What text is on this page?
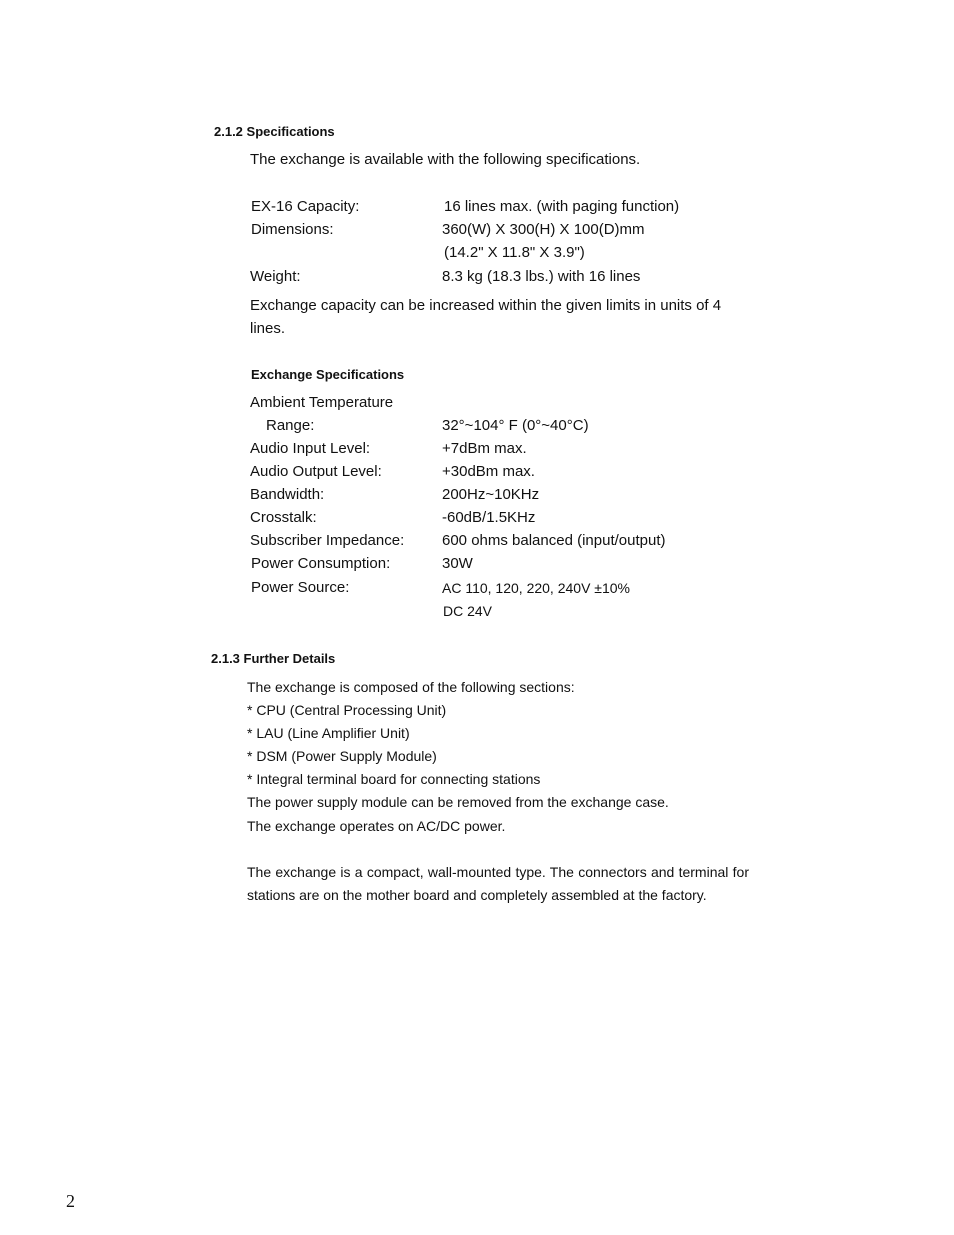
2.1.2 Specifications
The exchange is available with the following specifications.
EX-16 Capacity:	16 lines max. (with paging function)
Dimensions:	360(W) X 300(H) X 100(D)mm
(14.2" X 11.8" X 3.9")
Weight:	8.3 kg (18.3 lbs.) with 16 lines
Exchange capacity can be increased within the given limits in units of 4 lines.
Exchange Specifications
Ambient Temperature
Range:	32°~104° F (0°~40°C)
Audio Input Level:	+7dBm max.
Audio Output Level:	+30dBm max.
Bandwidth:	200Hz~10KHz
Crosstalk:	-60dB/1.5KHz
Subscriber Impedance:	600 ohms balanced (input/output)
Power Consumption:	30W
Power Source:	AC 110, 120, 220, 240V ±10%
DC 24V
2.1.3 Further Details
The exchange is composed of the following sections:
* CPU (Central Processing Unit)
* LAU (Line Amplifier Unit)
* DSM (Power Supply Module)
* Integral terminal board for connecting stations
The power supply module can be removed from the exchange case.
The exchange operates on AC/DC power.
The exchange is a compact, wall-mounted type. The connectors and terminal for stations are on the mother board and completely assembled at the factory.
2
